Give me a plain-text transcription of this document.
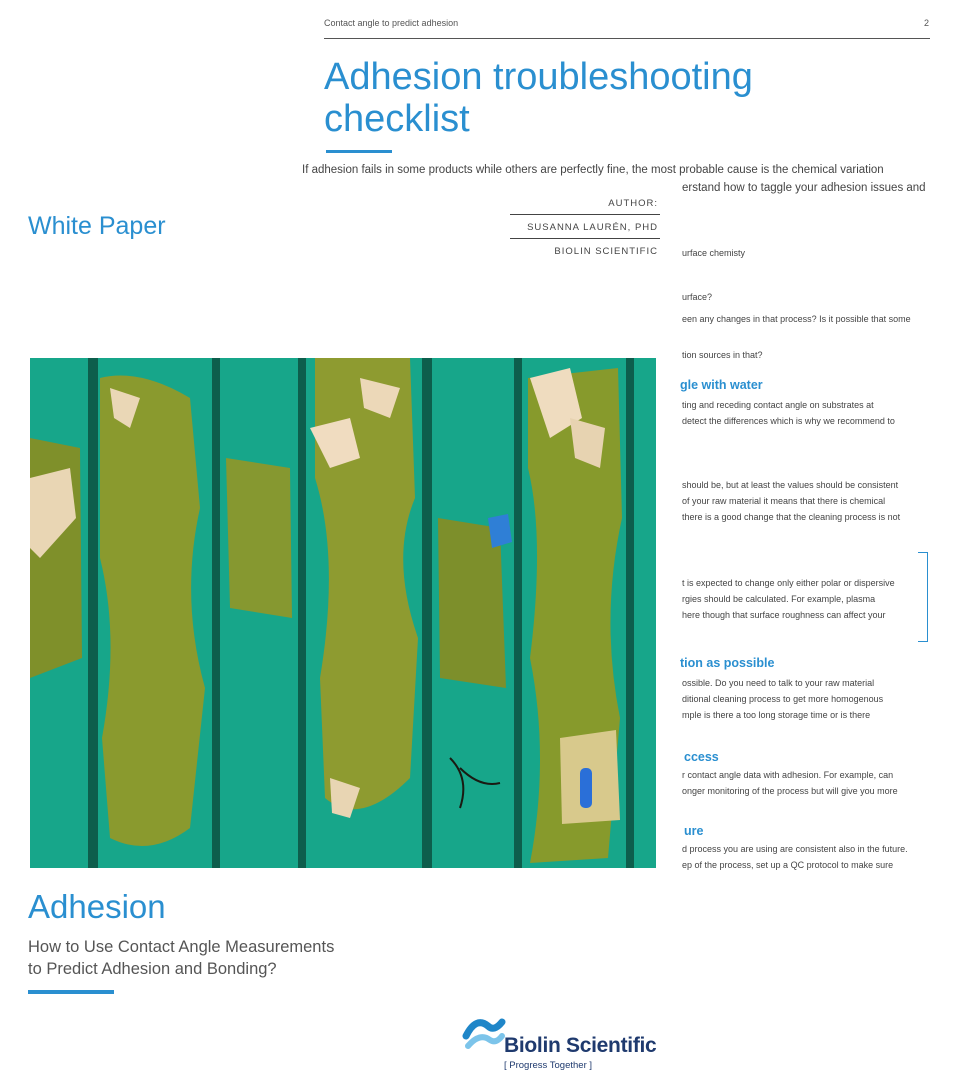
Contact angle to predict adhesion	2
Adhesion troubleshooting
checklist
If adhesion fails in some products while others are perfectly fine, the most probable cause is the chemical variation
erstand how to taggle your adhesion issues and
urface chemisty
urface?
een any changes in that process? Is it possible that some
tion sources in that?
gle with water
ting and receding contact angle on substrates at
detect the differences which is why we recommend to
should be, but at least the values should be consistent
of your raw material it means that there is chemical
there is a good change that the cleaning process is not
t is expected to change only either polar or dispersive
rgies should be calculated. For example, plasma
here though that surface roughness can affect your
tion as possible
ossible. Do you need to talk to your raw material
ditional cleaning process to get more homogenous
mple is there a too long storage time or is there
ccess
r contact angle data with adhesion. For example, can
onger monitoring of the process but will give you more
ure
d process you are using are consistent also in the future.
ep of the process, set up a QC protocol to make sure
AUTHOR:
SUSANNA LAURÉN, PHD
BIOLIN SCIENTIFIC
White Paper
Adhesion
How to Use Contact Angle Measurements
to Predict Adhesion and Bonding?
Biolin Scientific
[ Progress Together ]
